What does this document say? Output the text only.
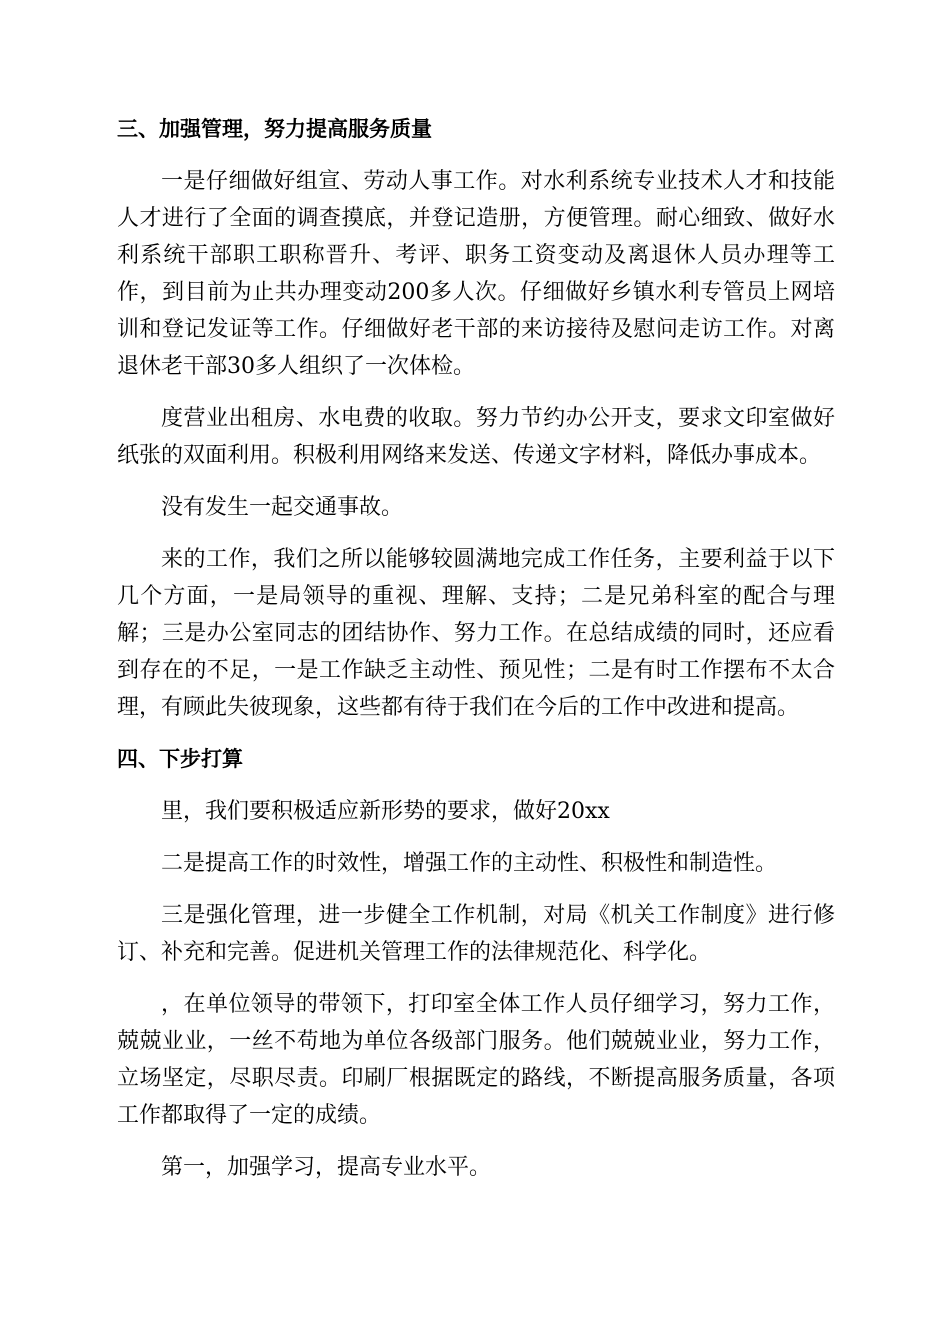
三、加强管理，努力提高服务质量
一是仔细做好组宣、劳动人事工作。对水利系统专业技术人才和技能人才进行了全面的调查摸底，并登记造册，方便管理。耐心细致、做好水利系统干部职工职称晋升、考评、职务工资变动及离退休人员办理等工作，到目前为止共办理变动200多人次。仔细做好乡镇水利专管员上网培训和登记发证等工作。仔细做好老干部的来访接待及慰问走访工作。对离退休老干部30多人组织了一次体检。
度营业出租房、水电费的收取。努力节约办公开支，要求文印室做好纸张的双面利用。积极利用网络来发送、传递文字材料，降低办事成本。
没有发生一起交通事故。
来的工作，我们之所以能够较圆满地完成工作任务，主要利益于以下几个方面，一是局领导的重视、理解、支持；二是兄弟科室的配合与理解；三是办公室同志的团结协作、努力工作。在总结成绩的同时，还应看到存在的不足，一是工作缺乏主动性、预见性；二是有时工作摆布不太合理，有顾此失彼现象，这些都有待于我们在今后的工作中改进和提高。
四、下步打算
里，我们要积极适应新形势的要求，做好20xx
二是提高工作的时效性，增强工作的主动性、积极性和制造性。
三是强化管理，进一步健全工作机制，对局《机关工作制度》进行修订、补充和完善。促进机关管理工作的法律规范化、科学化。
，在单位领导的带领下，打印室全体工作人员仔细学习，努力工作，兢兢业业，一丝不苟地为单位各级部门服务。他们兢兢业业，努力工作，立场坚定，尽职尽责。印刷厂根据既定的路线，不断提高服务质量，各项工作都取得了一定的成绩。
第一，加强学习，提高专业水平。
